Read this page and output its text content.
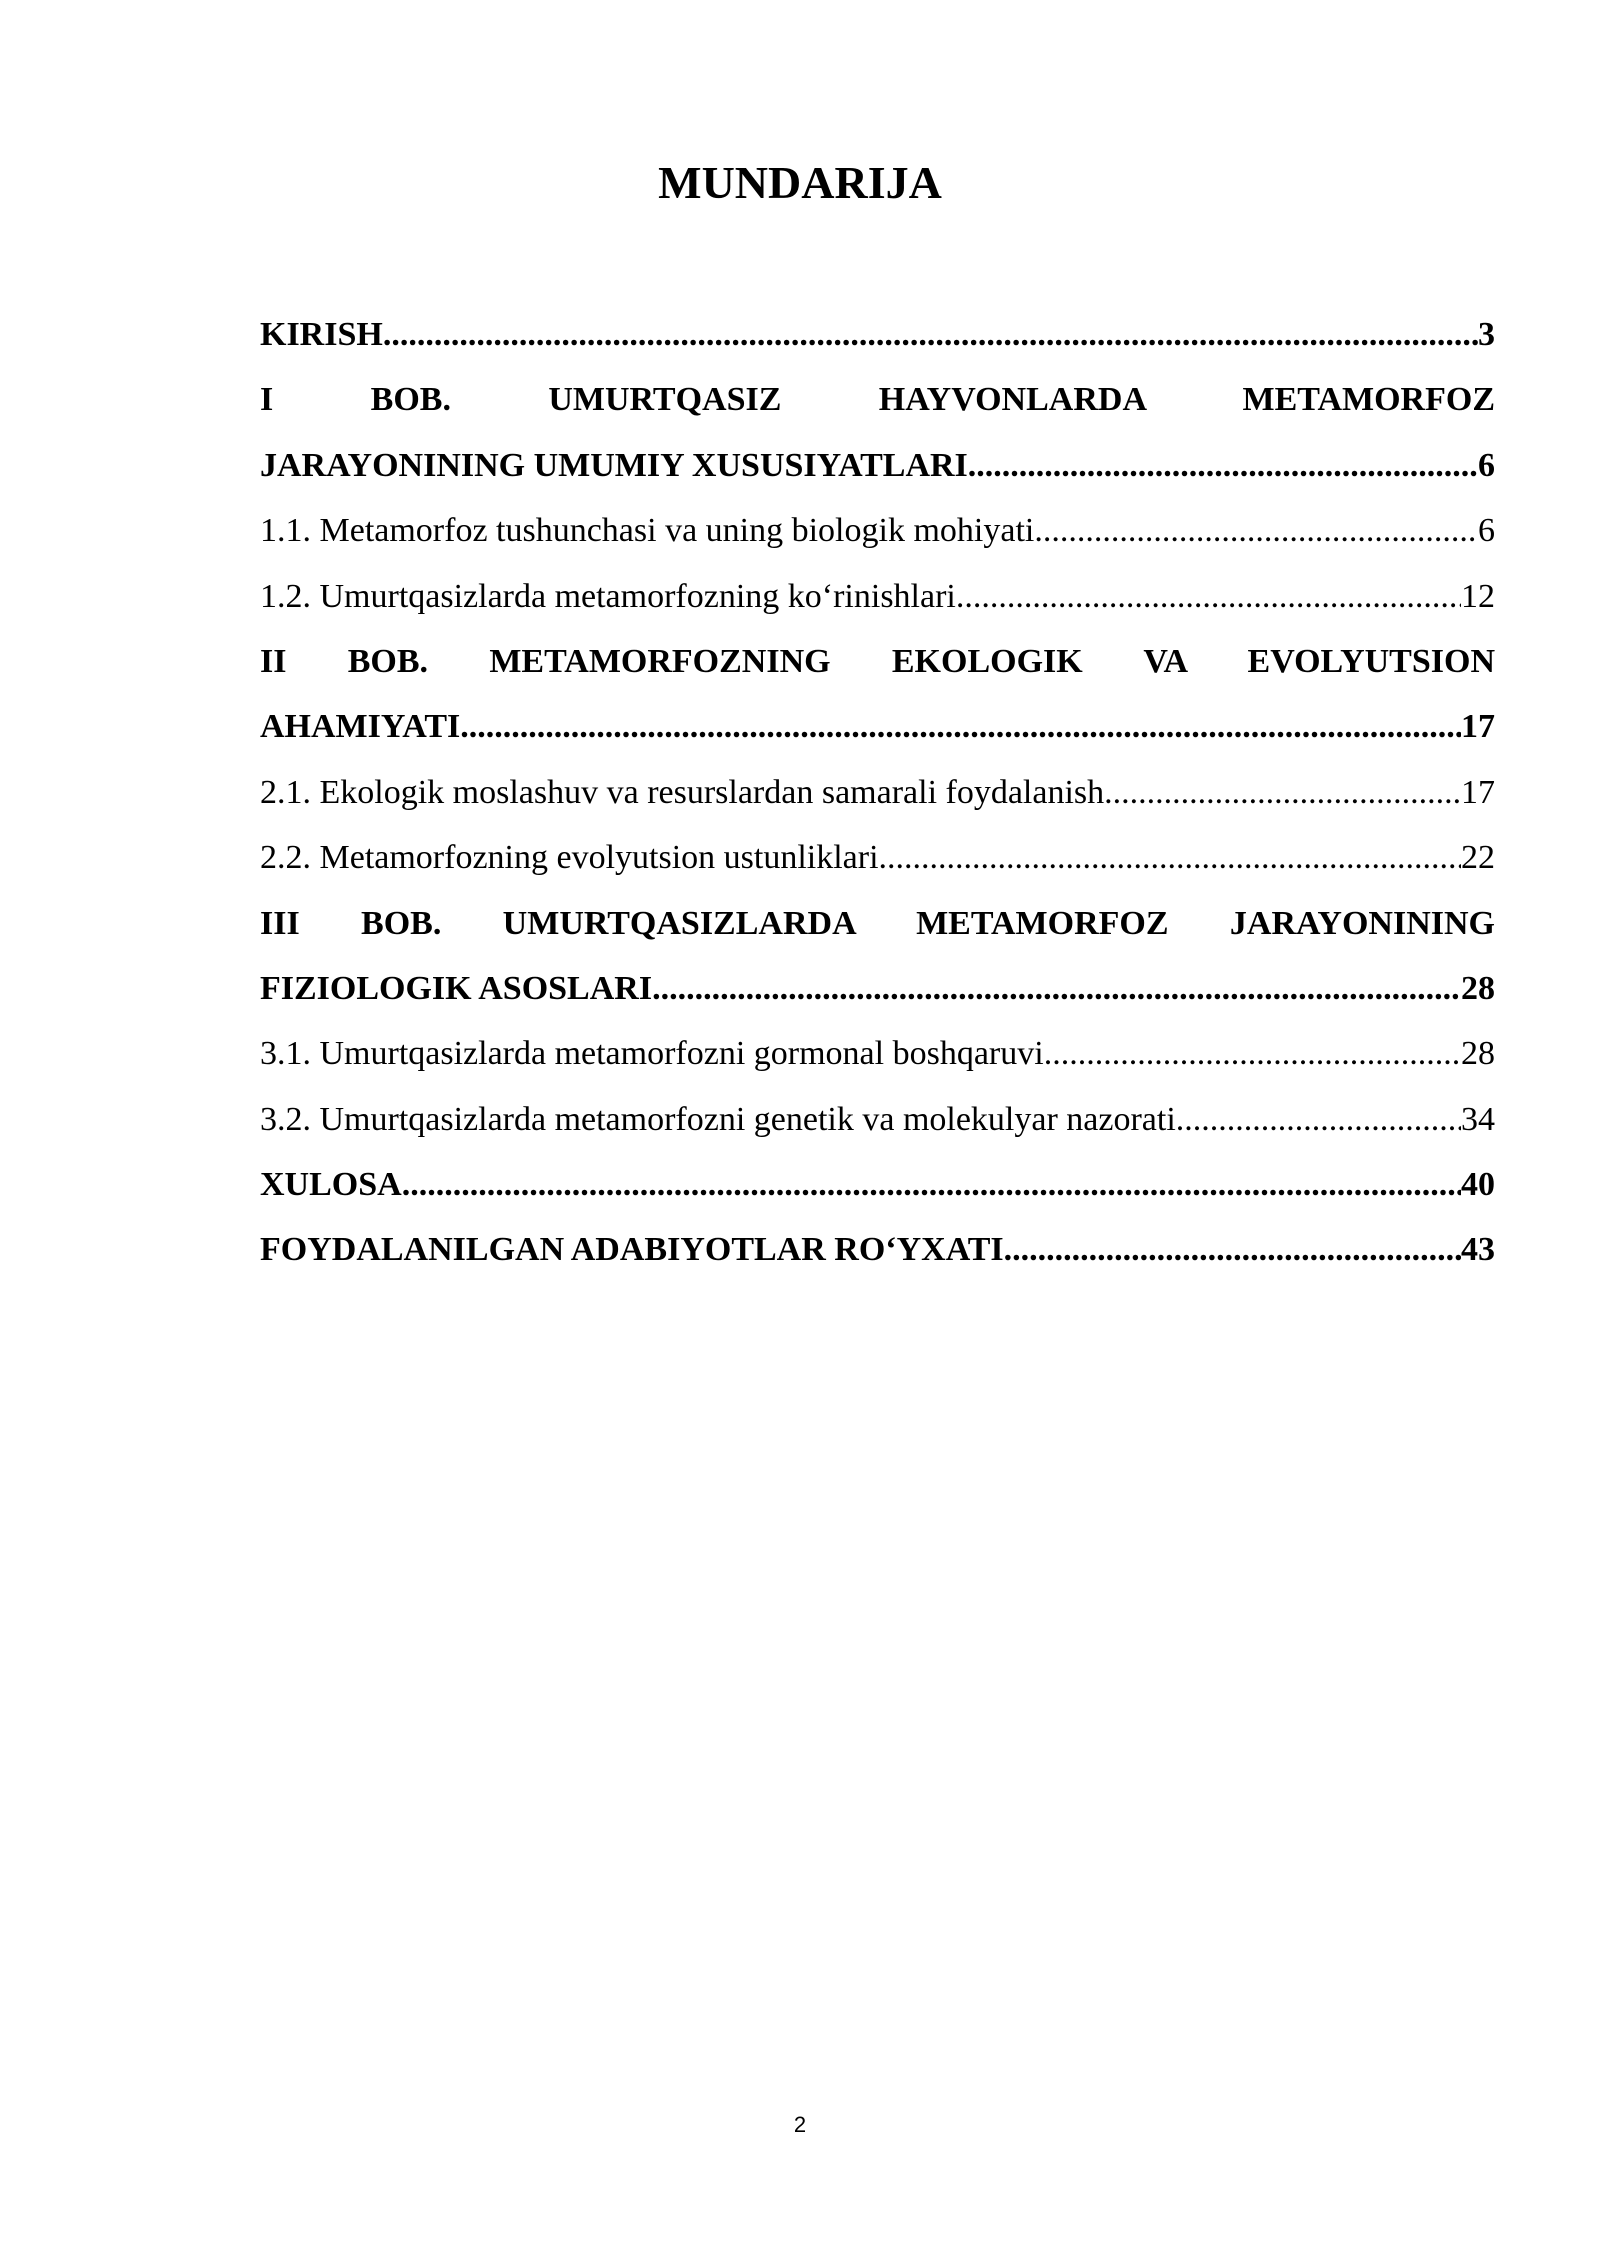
MUNDARIJA
KIRISH .....	3
I BOB. UMURTQASIZ HAYVONLARDA METAMORFOZ
JARAYONINING UMUMIY XUSUSIYATLARI .....	6
1.1. Metamorfoz tushunchasi va uning biologik mohiyati .....	6
1.2. Umurtqasizlarda metamorfozning ko‘rinishlari .....	12
II BOB. METAMORFOZNING EKOLOGIK VA EVOLYUTSION
AHAMIYATI .....	17
2.1. Ekologik moslashuv va resurslardan samarali foydalanish .....	17
2.2. Metamorfozning evolyutsion ustunliklari .....	22
III BOB. UMURTQASIZLARDA METAMORFOZ JARAYONINING
FIZIOLOGIK ASOSLARI .....	28
3.1. Umurtqasizlarda metamorfozni gormonal boshqaruvi .....	28
3.2. Umurtqasizlarda metamorfozni genetik va molekulyar nazorati .....	34
XULOSA .....	40
FOYDALANILGAN ADABIYOTLAR RO‘YXATI .....	43
2
